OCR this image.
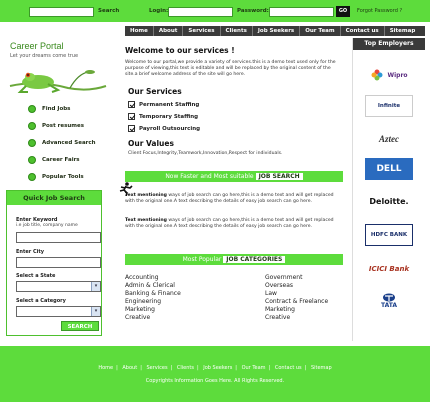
Search	Login:	Password:	GO	Forgot Password ?
Home	About	Services	Clients	Job Seekers	Our Team	Contact us	Sitemap
Career Portal
Let your dreams come true
Find Jobs
Post resumes
Advanced Search
Career Fairs
Popular Tools
Quick Job Search
Enter Keyword
i.e job title, company name
Enter City
Select a State
▾
Select a Category
▾
SEARCH
Welcome to our services !
Welcome to our portal,we provide a variety of services.this is a demo text used only for the purpose of viewing,this text is editable and will be replaced by the original content of the site.a brief welcome address of the site will go here.
Our Services
Permanent Staffing
Temporary Staffing
Payroll Outsourcing
Our Values
Client Focus,Integrity,Teamwork,Innovation,Respect for individuals.
Now Faster and Most suitable JOB SEARCH
Text mentioning ways of job search can go here,this is a demo text and will get replaced with the original one.A text describing the details of easy job search can go here.
Text mentioning ways of job search can go here,this is a demo text and will get replaced with the original one.A text describing the details of easy job search can go here.
Most Popular JOB CATEGORIES
Accounting
Admin & Clerical
Banking & Finance
Engineering
Marketing
Creative
Government
Overseas
Law
Contract & Freelance
Marketing
Creative
Top Employers
Wipro
Infinite
Aztec
DELL
Deloitte.
HDFC BANK
ICICI Bank
TATA
Home | About | Services | Clients | Job Seekers | Our Team | Contact us | Sitemap
Copyrights Information Goes Here. All Rights Reserved.
